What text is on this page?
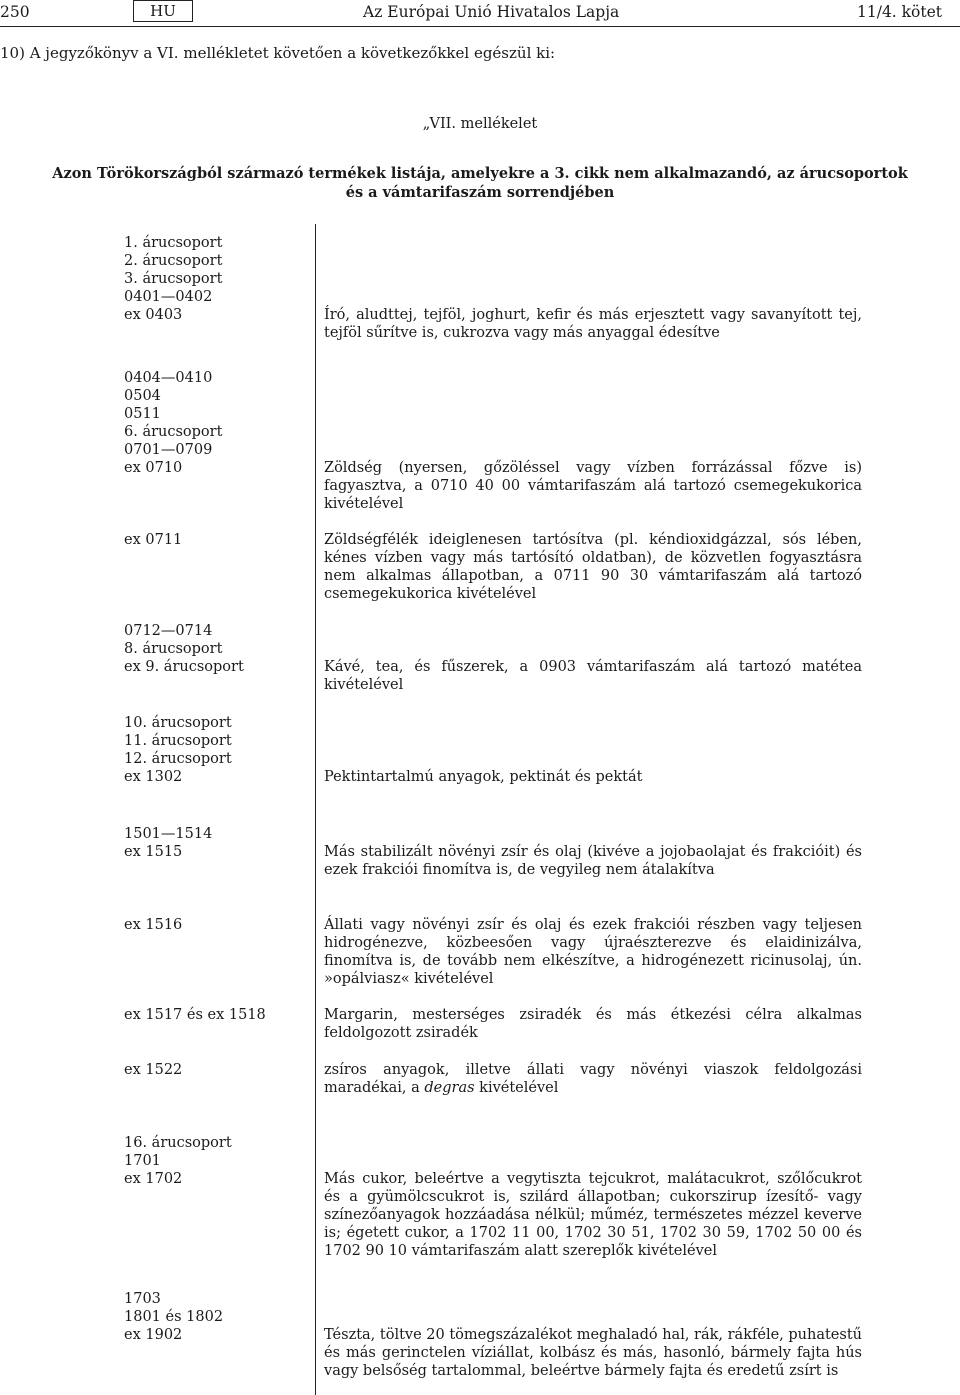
250	HU	Az Európai Unió Hivatalos Lapja	11/4. kötet
10) A jegyzőkönyv a VI. mellékletet követően a következőkkel egészül ki:
„VII. mellékelet
Azon Törökországból származó termékek listája, amelyekre a 3. cikk nem alkalmazandó, az árucsoportok
és a vámtarifaszám sorrendjében
1. árucsoport
2. árucsoport
3. árucsoport
0401—0402
ex 0403	Író, aludttej, tejföl, joghurt, kefir és más erjesztett vagy savanyított tej, tejföl sűrítve is, cukrozva vagy más anyaggal édesítve
0404—0410
0504
0511
6. árucsoport
0701—0709
ex 0710	Zöldség (nyersen, gőzöléssel vagy vízben forrázással főzve is) fagyasztva, a 0710 40 00 vámtarifaszám alá tartozó csemegekukorica kivételével
ex 0711	Zöldségfélék ideiglenesen tartósítva (pl. kéndioxidgázzal, sós lében, kénes vízben vagy más tartósító oldatban), de közvetlen fogyasztásra nem alkalmas állapotban, a 0711 90 30 vámtarifaszám alá tartozó csemegekukorica kivételével
0712—0714
8. árucsoport
ex 9. árucsoport	Kávé, tea, és fűszerek, a 0903 vámtarifaszám alá tartozó matétea kivételével
10. árucsoport
11. árucsoport
12. árucsoport
ex 1302	Pektintartalmú anyagok, pektinát és pektát
1501—1514
ex 1515	Más stabilizált növényi zsír és olaj (kivéve a jojobaolajat és frakcióit) és ezek frakciói finomítva is, de vegyileg nem átalakítva
ex 1516	Állati vagy növényi zsír és olaj és ezek frakciói részben vagy teljesen hidrogénezve, közbeesően vagy újraészterezve és elaidinizálva, finomítva is, de tovább nem elkészítve, a hidrogénezett ricinusolaj, ún. »opálviasz« kivételével
ex 1517 és ex 1518	Margarin, mesterséges zsiradék és más étkezési célra alkalmas feldolgozott zsiradék
ex 1522	zsíros anyagok, illetve állati vagy növényi viaszok feldolgozási maradékai, a degras kivételével
16. árucsoport
1701
ex 1702	Más cukor, beleértve a vegytiszta tejcukrot, malátacukrot, szőlőcukrot és a gyümölcscukrot is, szilárd állapotban; cukorszirup ízesítő- vagy színezőanyagok hozzáadása nélkül; műméz, természetes mézzel keverve is; égetett cukor, a 1702 11 00, 1702 30 51, 1702 30 59, 1702 50 00 és 1702 90 10 vámtarifaszám alatt szereplők kivételével
1703
1801 és 1802
ex 1902	Tészta, töltve 20 tömegszázalékot meghaladó hal, rák, rákféle, puhatestű és más gerinctelen víziállat, kolbász és más, hasonló, bármely fajta hús vagy belsőség tartalommal, beleértve bármely fajta és eredetű zsírt is
